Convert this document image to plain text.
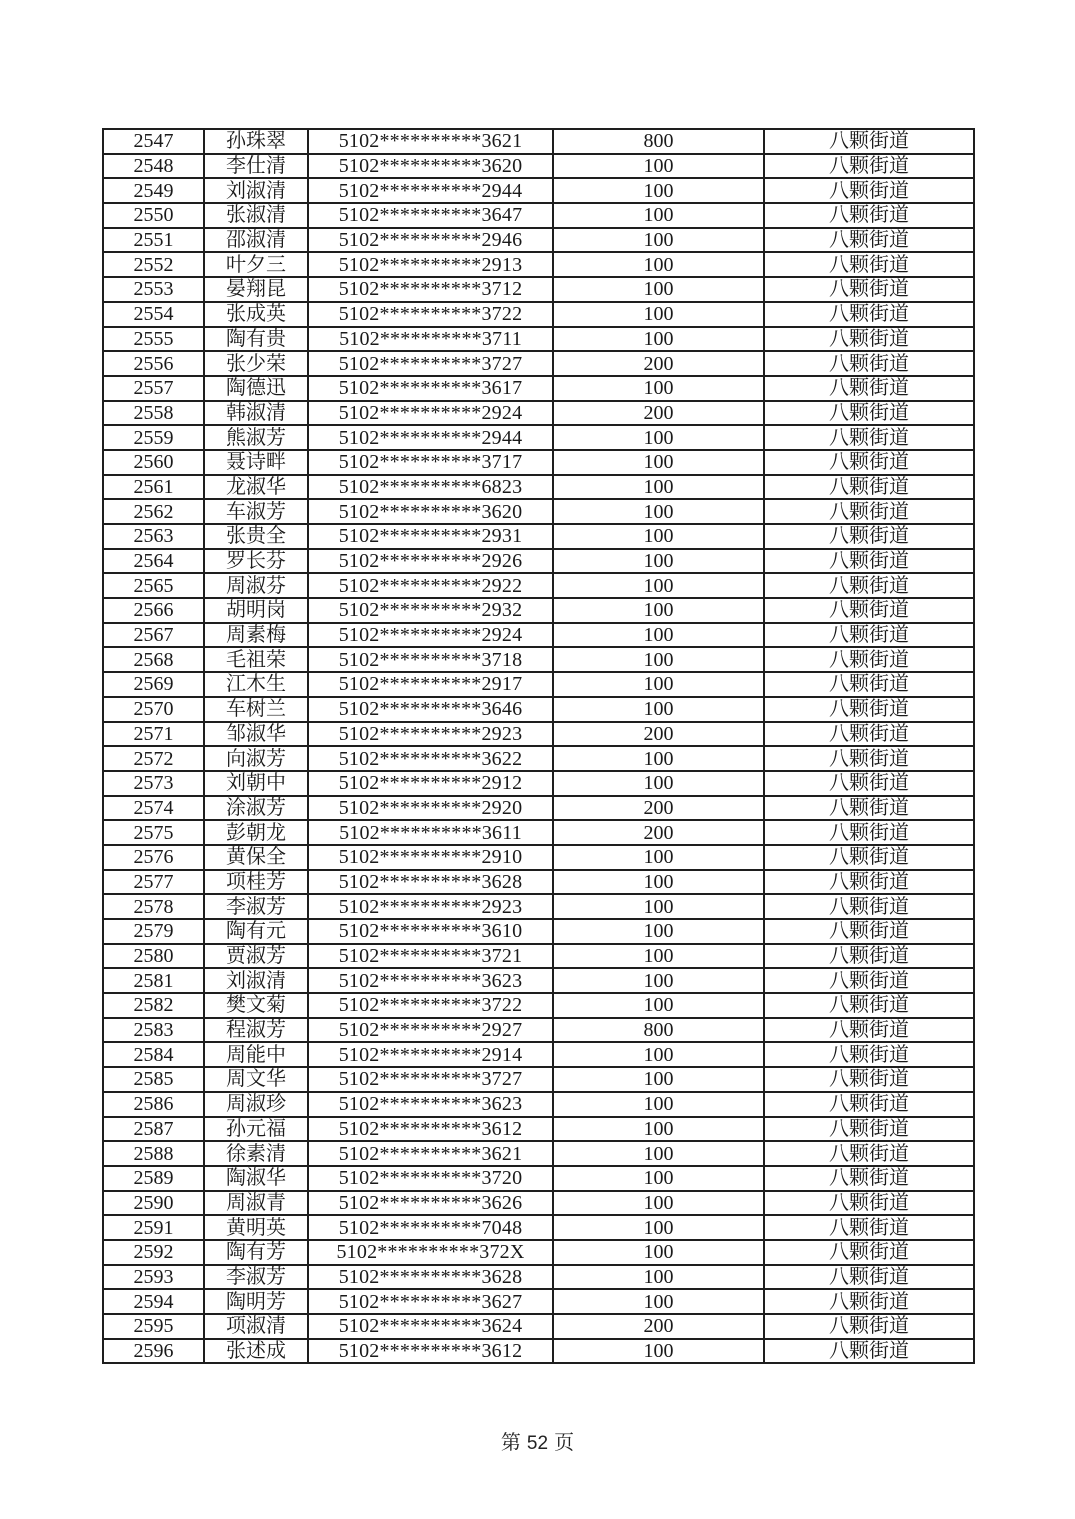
2547	孙珠翠	5102**********3621	800	八颗街道
2548	李仕清	5102**********3620	100	八颗街道
2549	刘淑清	5102**********2944	100	八颗街道
2550	张淑清	5102**********3647	100	八颗街道
2551	邵淑清	5102**********2946	100	八颗街道
2552	叶夕三	5102**********2913	100	八颗街道
2553	晏翔昆	5102**********3712	100	八颗街道
2554	张成英	5102**********3722	100	八颗街道
2555	陶有贵	5102**********3711	100	八颗街道
2556	张少荣	5102**********3727	200	八颗街道
2557	陶德迅	5102**********3617	100	八颗街道
2558	韩淑清	5102**********2924	200	八颗街道
2559	熊淑芳	5102**********2944	100	八颗街道
2560	聂诗畔	5102**********3717	100	八颗街道
2561	龙淑华	5102**********6823	100	八颗街道
2562	车淑芳	5102**********3620	100	八颗街道
2563	张贵全	5102**********2931	100	八颗街道
2564	罗长芬	5102**********2926	100	八颗街道
2565	周淑芬	5102**********2922	100	八颗街道
2566	胡明岗	5102**********2932	100	八颗街道
2567	周素梅	5102**********2924	100	八颗街道
2568	毛祖荣	5102**********3718	100	八颗街道
2569	江木生	5102**********2917	100	八颗街道
2570	车树兰	5102**********3646	100	八颗街道
2571	邹淑华	5102**********2923	200	八颗街道
2572	向淑芳	5102**********3622	100	八颗街道
2573	刘朝中	5102**********2912	100	八颗街道
2574	涂淑芳	5102**********2920	200	八颗街道
2575	彭朝龙	5102**********3611	200	八颗街道
2576	黄保全	5102**********2910	100	八颗街道
2577	项桂芳	5102**********3628	100	八颗街道
2578	李淑芳	5102**********2923	100	八颗街道
2579	陶有元	5102**********3610	100	八颗街道
2580	贾淑芳	5102**********3721	100	八颗街道
2581	刘淑清	5102**********3623	100	八颗街道
2582	樊文菊	5102**********3722	100	八颗街道
2583	程淑芳	5102**********2927	800	八颗街道
2584	周能中	5102**********2914	100	八颗街道
2585	周文华	5102**********3727	100	八颗街道
2586	周淑珍	5102**********3623	100	八颗街道
2587	孙元福	5102**********3612	100	八颗街道
2588	徐素清	5102**********3621	100	八颗街道
2589	陶淑华	5102**********3720	100	八颗街道
2590	周淑青	5102**********3626	100	八颗街道
2591	黄明英	5102**********7048	100	八颗街道
2592	陶有芳	5102**********372X	100	八颗街道
2593	李淑芳	5102**********3628	100	八颗街道
2594	陶明芳	5102**********3627	100	八颗街道
2595	项淑清	5102**********3624	200	八颗街道
2596	张述成	5102**********3612	100	八颗街道
第 52 页
